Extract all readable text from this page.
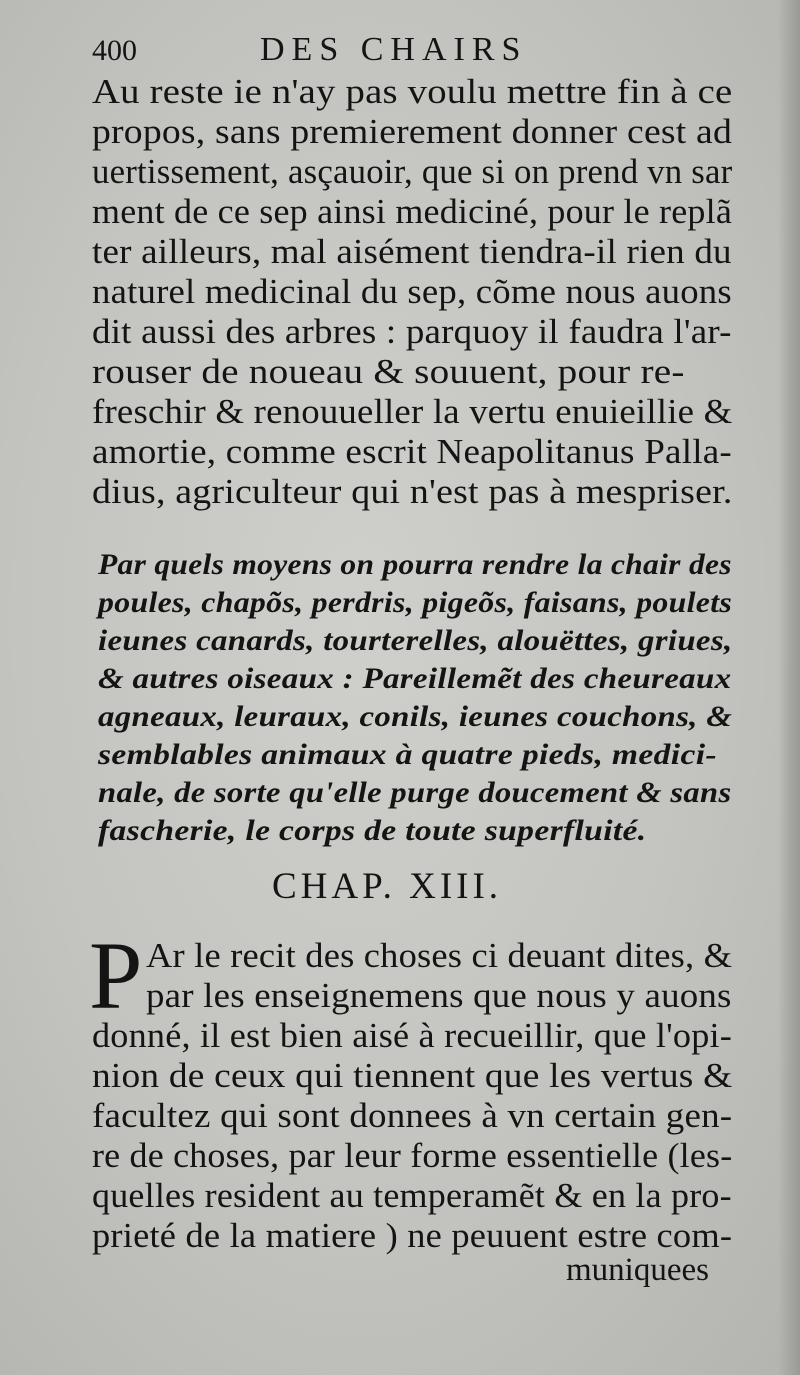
400	DES CHAIRS
Au reste ie n'ay pas voulu mettre fin à ce
propos, sans premierement donner cest ad
uertissement, asçauoir, que si on prend vn sar
ment de ce sep ainsi mediciné, pour le replã
ter ailleurs, mal aisément tiendra-il rien du
naturel medicinal du sep, cõme nous auons
dit aussi des arbres : parquoy il faudra l'ar-
rouser de noueau & souuent, pour re-
freschir & renouueller la vertu enuieillie &
amortie, comme escrit Neapolitanus Palla-
dius, agriculteur qui n'est pas à mespriser.
Par quels moyens on pourra rendre la chair des
poules, chapõs, perdris, pigeõs, faisans, poulets
ieunes canards, tourterelles, alouëttes, griues,
& autres oiseaux : Pareillemẽt des cheureaux
agneaux, leuraux, conils, ieunes couchons, &
semblables animaux à quatre pieds, medici-
nale, de sorte qu'elle purge doucement & sans
fascherie, le corps de toute superfluité.
CHAP. XIII.
P Ar le recit des choses ci deuant dites, &
par les enseignemens que nous y auons
donné, il est bien aisé à recueillir, que l'opi-
nion de ceux qui tiennent que les vertus &
facultez qui sont donnees à vn certain gen-
re de choses, par leur forme essentielle (les-
quelles resident au temperamẽt & en la pro-
prieté de la matiere ) ne peuuent estre com-
muniquees
